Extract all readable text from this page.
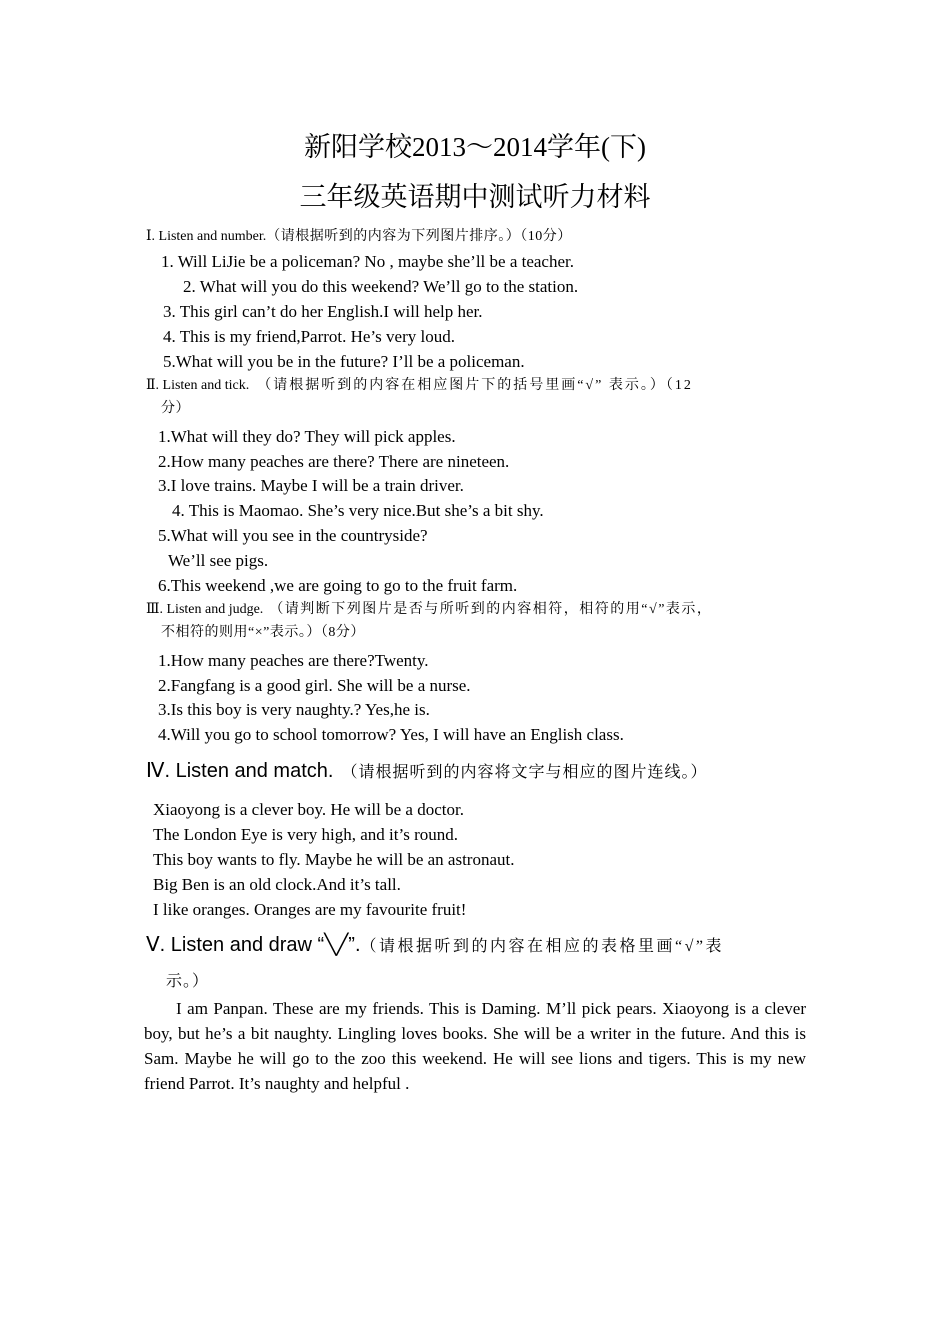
新阳学校2013～2014学年(下)
三年级英语期中测试听力材料
Ⅰ. Listen and number.（请根据听到的内容为下列图片排序。）（10分）
1. Will LiJie be a policeman? No , maybe she’ll be a teacher.
2. What will you do this weekend? We’ll go to the station.
3. This girl can’t do her English.I will help her.
4. This is my friend,Parrot. He’s very loud.
5.What will you be in the future? I’ll be a policeman.
Ⅱ. Listen and tick. （请根据听到的内容在相应图片下的括号里画“√” 表示。）（12
分）
1.What will they do? They will pick apples.
2.How many peaches are there? There are nineteen.
3.I love trains. Maybe I will be a train driver.
4. This is Maomao. She’s very nice.But she’s a bit shy.
5.What will you see in the countryside?
We’ll see pigs.
6.This weekend ,we are going to go to the fruit farm.
Ⅲ. Listen and judge. （请判断下列图片是否与所听到的内容相符，相符的用“√”表示，
不相符的则用“×”表示。）（8分）
1.How many peaches are there?Twenty.
2.Fangfang is a good girl. She will be a nurse.
3.Is this boy is very naughty.? Yes,he is.
4.Will you go to school tomorrow? Yes, I will have an English class.
Ⅳ. Listen and match. （请根据听到的内容将文字与相应的图片连线。）
Xiaoyong is a clever boy. He will be a doctor.
The London Eye is very high, and it’s round.
This boy wants to fly. Maybe he will be an astronaut.
Big Ben is an old clock.And it’s tall.
I like oranges. Oranges are my favourite fruit!
Ⅴ. Listen and draw “╲╱”.（请根据听到的内容在相应的表格里画“√”表
示。）
I am Panpan. These are my friends. This is Daming. M’ll pick pears. Xiaoyong is a clever boy, but he’s a bit naughty. Lingling loves books. She will be a writer in the future. And this is Sam. Maybe he will go to the zoo this weekend. He will see lions and tigers. This is my new friend Parrot. It’s naughty and helpful .
